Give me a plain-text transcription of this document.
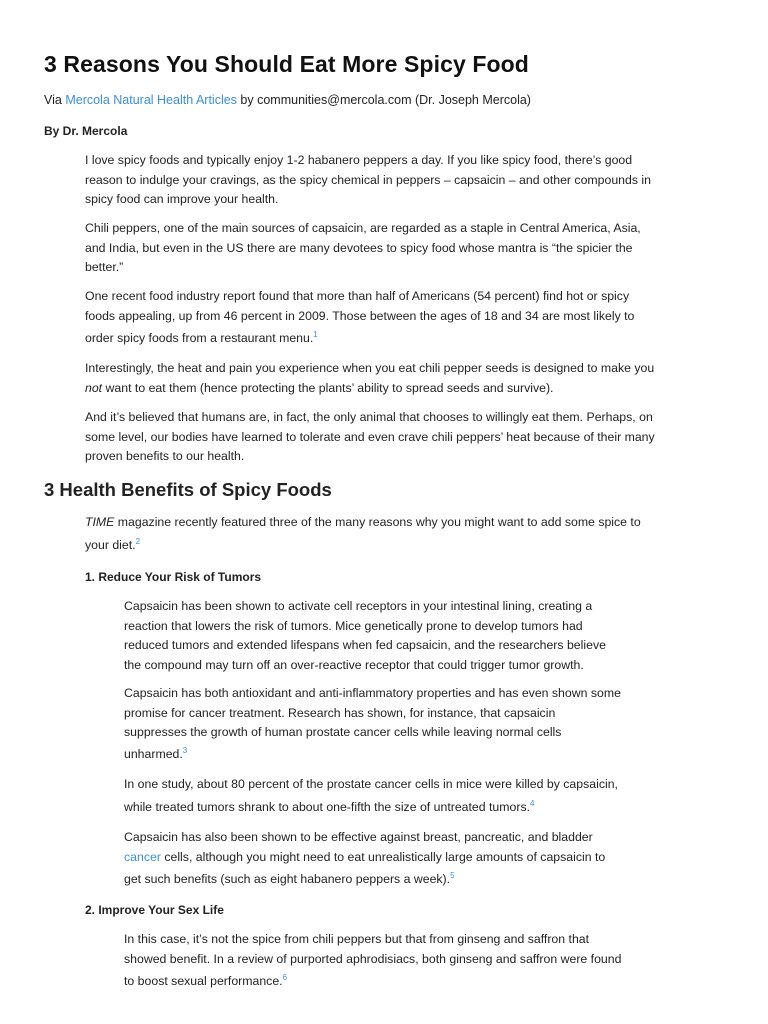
3 Reasons You Should Eat More Spicy Food
Via Mercola Natural Health Articles by communities@mercola.com (Dr. Joseph Mercola)
By Dr. Mercola

I love spicy foods and typically enjoy 1-2 habanero peppers a day. If you like spicy food, there’s good
reason to indulge your cravings, as the spicy chemical in peppers – capsaicin – and other compounds in
spicy food can improve your health.

Chili peppers, one of the main sources of capsaicin, are regarded as a staple in Central America, Asia,
and India, but even in the US there are many devotees to spicy food whose mantra is “the spicier the
better.”

One recent food industry report found that more than half of Americans (54 percent) find hot or spicy
foods appealing, up from 46 percent in 2009. Those between the ages of 18 and 34 are most likely to
order spicy foods from a restaurant menu.$^1$

Interestingly, the heat and pain you experience when you eat chili pepper seeds is designed to make you
not want to eat them (hence protecting the plants’ ability to spread seeds and survive).

And it’s believed that humans are, in fact, the only animal that chooses to willingly eat them. Perhaps, on
some level, our bodies have learned to tolerate and even crave chili peppers’ heat because of their many
proven benefits to our health.

3 Health Benefits of Spicy Foods

TIME magazine recently featured three of the many reasons why you might want to add some spice to
your diet.$^2$

1. Reduce Your Risk of Tumors

Capsaicin has been shown to activate cell receptors in your intestinal lining, creating a
reaction that lowers the risk of tumors. Mice genetically prone to develop tumors had
reduced tumors and extended lifespans when fed capsaicin, and the researchers believe
the compound may turn off an over-reactive receptor that could trigger tumor growth.

Capsaicin has both antioxidant and anti-inflammatory properties and has even shown some
promise for cancer treatment. Research has shown, for instance, that capsaicin
suppresses the growth of human prostate cancer cells while leaving normal cells
unharmed.$^3$

In one study, about 80 percent of the prostate cancer cells in mice were killed by capsaicin,
while treated tumors shrank to about one-fifth the size of untreated tumors.$^4$

Capsaicin has also been shown to be effective against breast, pancreatic, and bladder
cancer cells, although you might need to eat unrealistically large amounts of capsaicin to
get such benefits (such as eight habanero peppers a week).$^5$

2. Improve Your Sex Life

In this case, it’s not the spice from chili peppers but that from ginseng and saffron that
showed benefit. In a review of purported aphrodisiacs, both ginseng and saffron were found
to boost sexual performance.$^6$
